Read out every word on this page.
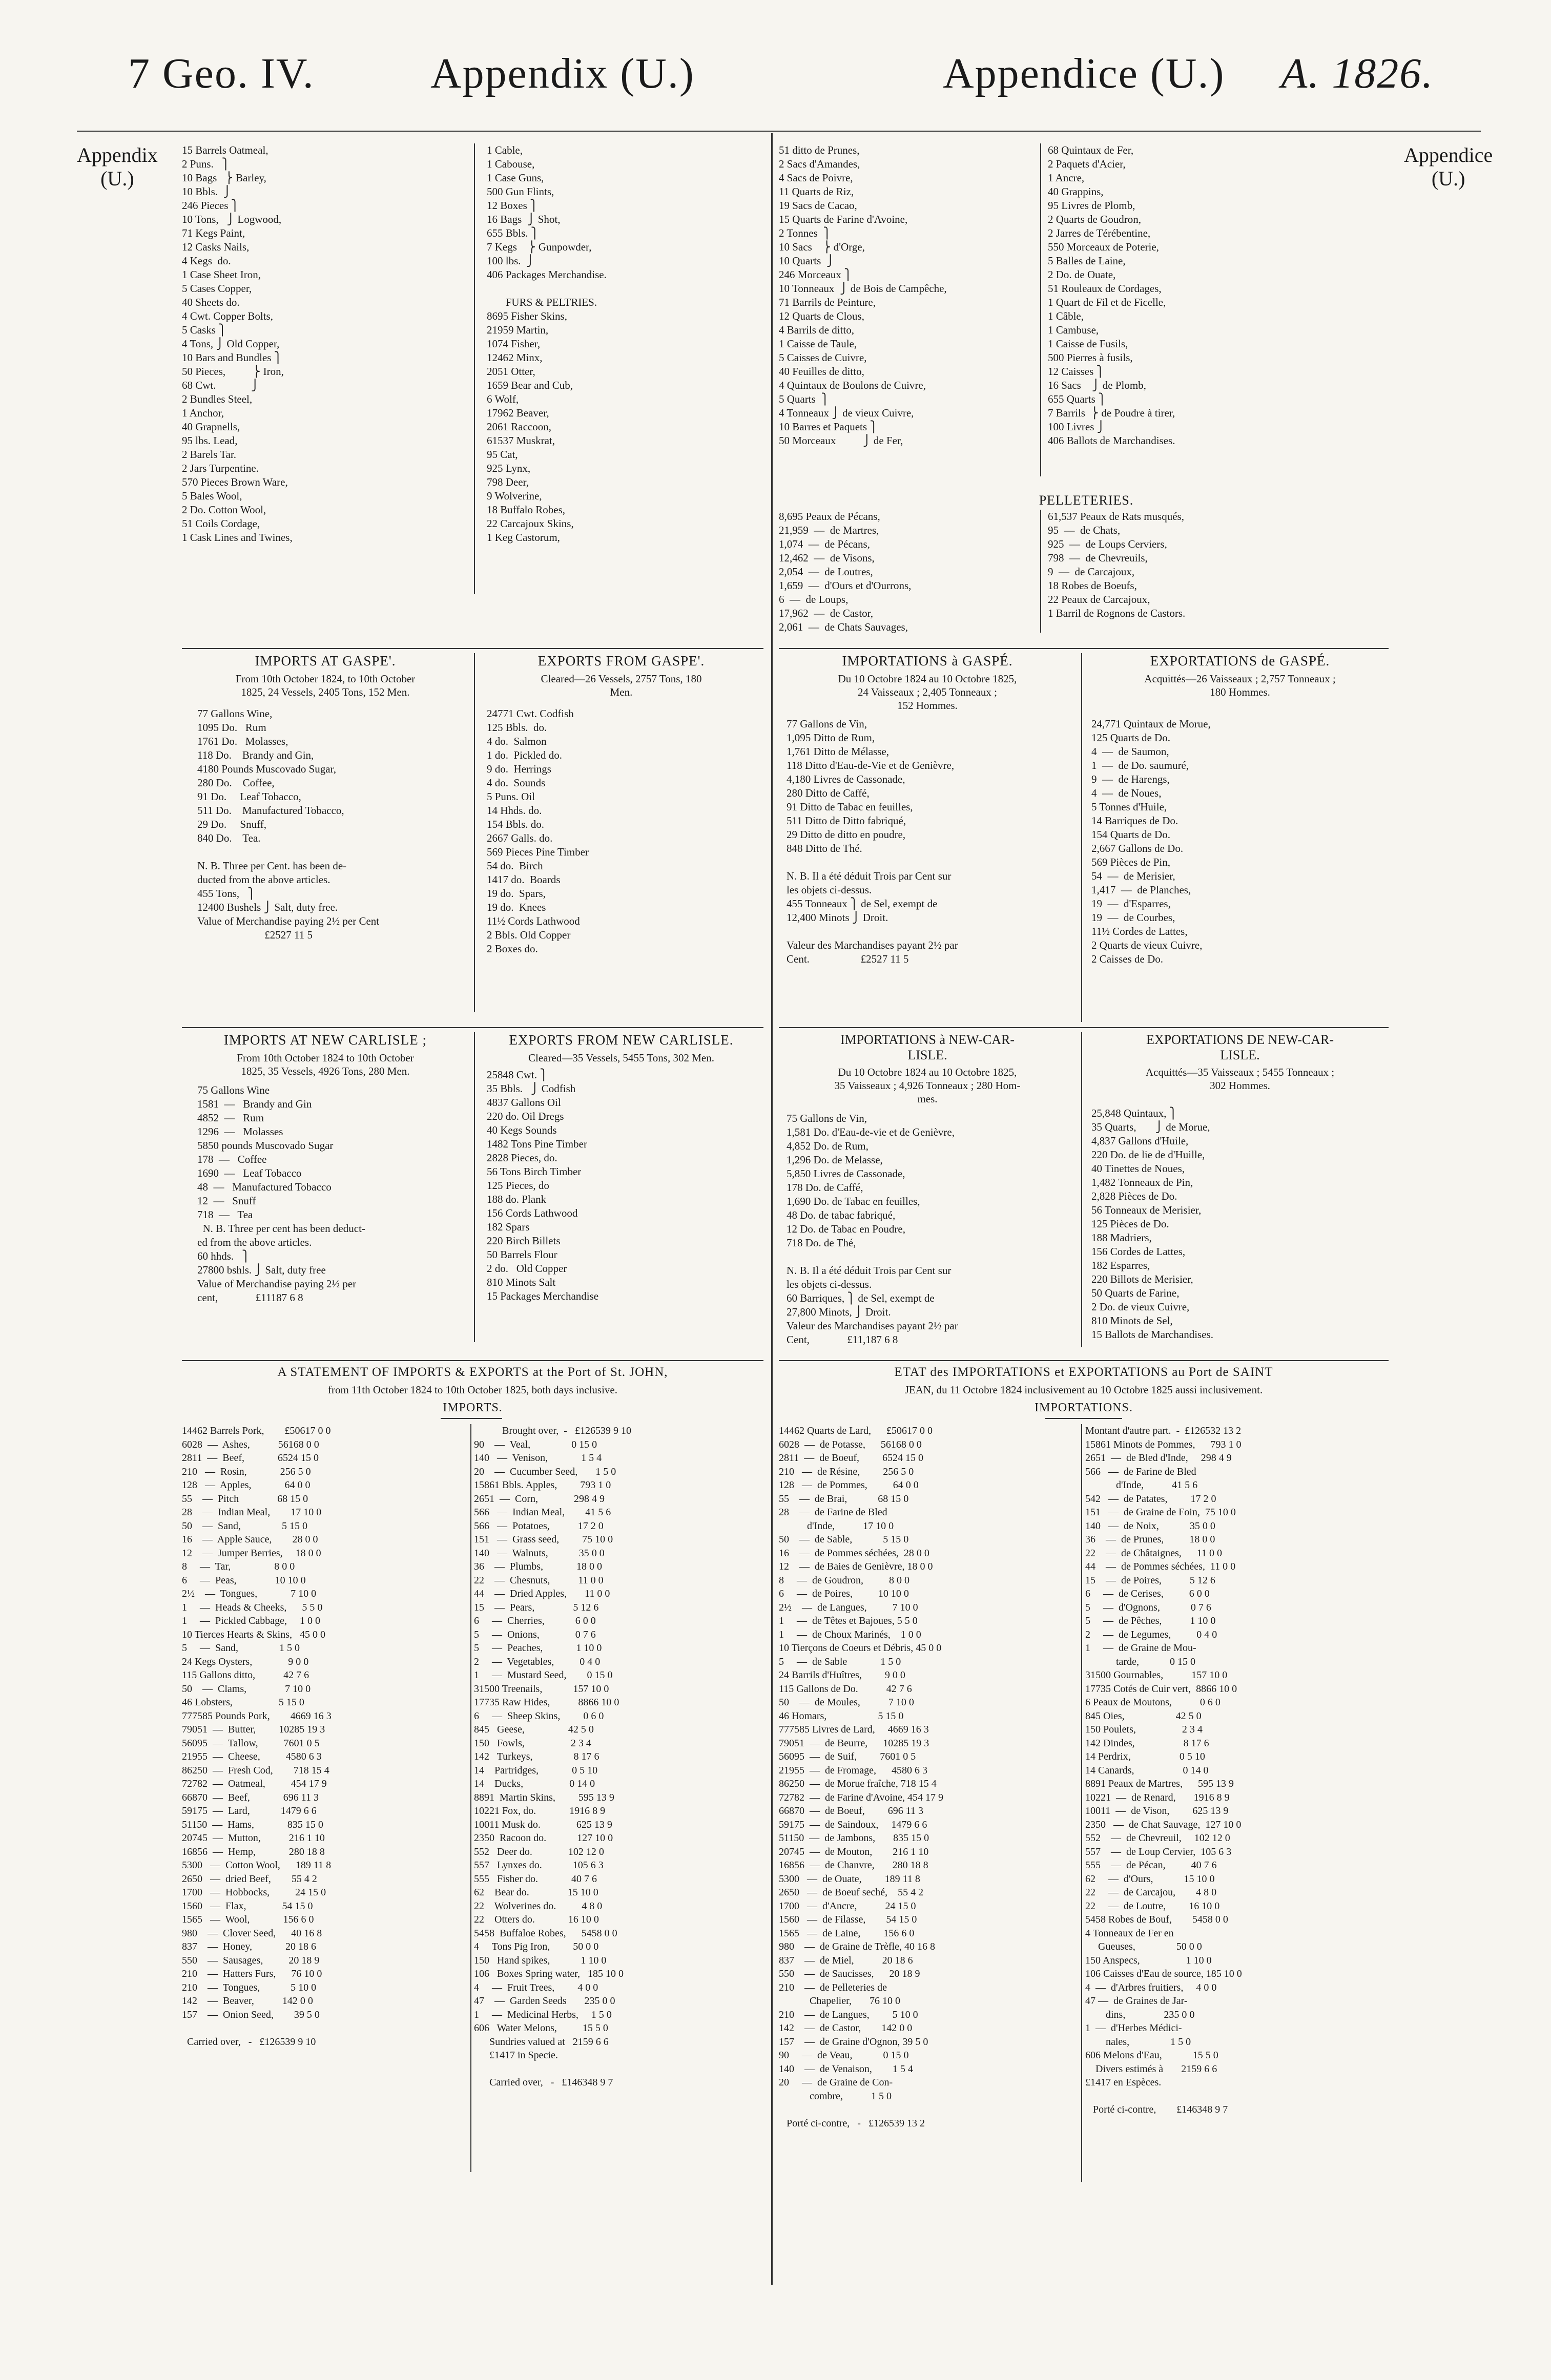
7 Geo. IV.	Appendix (U.)	Appendice (U.) A. 1826.
Appendix
(U.)
Appendice
(U.)
15 Barrels Oatmeal,
2 Puns.   ⎫
10 Bags   ⎬ Barley,
10 Bbls.  ⎭
246 Pieces ⎫
10 Tons,   ⎭ Logwood,
71 Kegs Paint,
12 Casks Nails,
4 Kegs  do.
1 Case Sheet Iron,
5 Cases Copper,
40 Sheets do.
4 Cwt. Copper Bolts,
5 Casks ⎫
4 Tons, ⎭ Old Copper,
10 Bars and Bundles ⎫
50 Pieces,          ⎬ Iron,
68 Cwt.             ⎭
2 Bundles Steel,
1 Anchor,
40 Grapnells,
95 lbs. Lead,
2 Barels Tar.
2 Jars Turpentine.
570 Pieces Brown Ware,
5 Bales Wool,
2 Do. Cotton Wool,
51 Coils Cordage,
1 Cask Lines and Twines,
1 Cable,
1 Cabouse,
1 Case Guns,
500 Gun Flints,
12 Boxes ⎫
16 Bags  ⎭ Shot,
655 Bbls. ⎫
7 Kegs    ⎬ Gunpowder,
100 lbs.  ⎭
406 Packages Merchandise.

FURS & PELTRIES.
8695 Fisher Skins,
21959 Martin,
1074 Fisher,
12462 Minx,
2051 Otter,
1659 Bear and Cub,
6 Wolf,
17962 Beaver,
2061 Raccoon,
61537 Muskrat,
95 Cat,
925 Lynx,
798 Deer,
9 Wolverine,
18 Buffalo Robes,
22 Carcajoux Skins,
1 Keg Castorum,
51 ditto de Prunes,
2 Sacs d'Amandes,
4 Sacs de Poivre,
11 Quarts de Riz,
19 Sacs de Cacao,
15 Quarts de Farine d'Avoine,
2 Tonnes  ⎫
10 Sacs    ⎬ d'Orge,
10 Quarts  ⎭
246 Morceaux ⎫
10 Tonneaux  ⎭ de Bois de Campêche,
71 Barrils de Peinture,
12 Quarts de Clous,
4 Barrils de ditto,
1 Caisse de Taule,
5 Caisses de Cuivre,
40 Feuilles de ditto,
4 Quintaux de Boulons de Cuivre,
5 Quarts  ⎫
4 Tonneaux ⎭ de vieux Cuivre,
10 Barres et Paquets ⎫
50 Morceaux          ⎭ de Fer,
68 Quintaux de Fer,
2 Paquets d'Acier,
1 Ancre,
40 Grappins,
95 Livres de Plomb,
2 Quarts de Goudron,
2 Jarres de Térébentine,
550 Morceaux de Poterie,
5 Balles de Laine,
2 Do. de Ouate,
51 Rouleaux de Cordages,
1 Quart de Fil et de Ficelle,
1 Câble,
1 Cambuse,
1 Caisse de Fusils,
500 Pierres à fusils,
12 Caisses ⎫
16 Sacs    ⎭ de Plomb,
655 Quarts ⎫
7 Barrils  ⎬ de Poudre à tirer,
100 Livres ⎭
406 Ballots de Marchandises.
PELLETERIES.
8,695 Peaux de Pécans,
21,959  —  de Martres,
1,074  —  de Pécans,
12,462  —  de Visons,
2,054  —  de Loutres,
1,659  —  d'Ours et d'Ourrons,
6  —  de Loups,
17,962  —  de Castor,
2,061  —  de Chats Sauvages,
61,537 Peaux de Rats musqués,
95  —  de Chats,
925  —  de Loups Cerviers,
798  —  de Chevreuils,
9  —  de Carcajoux,
18 Robes de Boeufs,
22 Peaux de Carcajoux,
1 Barril de Rognons de Castors.
IMPORTS AT GASPE'.
From 10th October 1824, to 10th October
1825, 24 Vessels, 2405 Tons, 152 Men.
77 Gallons Wine,
1095 Do.   Rum
1761 Do.   Molasses,
118 Do.    Brandy and Gin,
4180 Pounds Muscovado Sugar,
280 Do.    Coffee,
91 Do.     Leaf Tobacco,
511 Do.    Manufactured Tobacco,
29 Do.     Snuff,
840 Do.    Tea.

N. B. Three per Cent. has been de-
ducted from the above articles.
455 Tons,   ⎫
12400 Bushels ⎭ Salt, duty free.
Value of Merchandise paying 2½ per Cent
£2527 11 5
EXPORTS FROM GASPE'.
Cleared—26 Vessels, 2757 Tons, 180
Men.
24771 Cwt. Codfish
125 Bbls.  do.
4 do.  Salmon
1 do.  Pickled do.
9 do.  Herrings
4 do.  Sounds
5 Puns. Oil
14 Hhds. do.
154 Bbls. do.
2667 Galls. do.
569 Pieces Pine Timber
54 do.  Birch
1417 do.  Boards
19 do.  Spars,
19 do.  Knees
11½ Cords Lathwood
2 Bbls. Old Copper
2 Boxes do.
IMPORTATIONS à GASPÉ.
Du 10 Octobre 1824 au 10 Octobre 1825,
24 Vaisseaux ; 2,405 Tonneaux ;
152 Hommes.
77 Gallons de Vin,
1,095 Ditto de Rum,
1,761 Ditto de Mélasse,
118 Ditto d'Eau-de-Vie et de Genièvre,
4,180 Livres de Cassonade,
280 Ditto de Caffé,
91 Ditto de Tabac en feuilles,
511 Ditto de Ditto fabriqué,
29 Ditto de ditto en poudre,
848 Ditto de Thé.

N. B. Il a été déduit Trois par Cent sur
les objets ci-dessus.
455 Tonneaux ⎫ de Sel, exempt de
12,400 Minots ⎭ Droit.

Valeur des Marchandises payant 2½ par
Cent.                   £2527 11 5
EXPORTATIONS de GASPÉ.
Acquittés—26 Vaisseaux ; 2,757 Tonneaux ;
180 Hommes.
24,771 Quintaux de Morue,
125 Quarts de Do.
4  —  de Saumon,
1  —  de Do. saumuré,
9  —  de Harengs,
4  —  de Noues,
5 Tonnes d'Huile,
14 Barriques de Do.
154 Quarts de Do.
2,667 Gallons de Do.
569 Pièces de Pin,
54  —  de Merisier,
1,417  —  de Planches,
19  —  d'Esparres,
19  —  de Courbes,
11½ Cordes de Lattes,
2 Quarts de vieux Cuivre,
2 Caisses de Do.
IMPORTS AT NEW CARLISLE ;
From 10th October 1824 to 10th October
1825, 35 Vessels, 4926 Tons, 280 Men.
75 Gallons Wine
1581  —   Brandy and Gin
4852  —   Rum
1296  —   Molasses
5850 pounds Muscovado Sugar
178  —   Coffee
1690  —   Leaf Tobacco
48  —   Manufactured Tobacco
12  —   Snuff
718  —   Tea
N. B. Three per cent has been deduct-
ed from the above articles.
60 hhds.   ⎫
27800 bshls. ⎭ Salt, duty free
Value of Merchandise paying 2½ per
cent,              £11187 6 8
EXPORTS FROM NEW CARLISLE.
Cleared—35 Vessels, 5455 Tons, 302 Men.
25848 Cwt. ⎫
35 Bbls.   ⎭ Codfish
4837 Gallons Oil
220 do. Oil Dregs
40 Kegs Sounds
1482 Tons Pine Timber
2828 Pieces, do.
56 Tons Birch Timber
125 Pieces, do
188 do. Plank
156 Cords Lathwood
182 Spars
220 Birch Billets
50 Barrels Flour
2 do.   Old Copper
810 Minots Salt
15 Packages Merchandise
IMPORTATIONS à NEW-CAR-
LISLE.
Du 10 Octobre 1824 au 10 Octobre 1825,
35 Vaisseaux ; 4,926 Tonneaux ; 280 Hom-
mes.
75 Gallons de Vin,
1,581 Do. d'Eau-de-vie et de Genièvre,
4,852 Do. de Rum,
1,296 Do. de Melasse,
5,850 Livres de Cassonade,
178 Do. de Caffé,
1,690 Do. de Tabac en feuilles,
48 Do. de tabac fabriqué,
12 Do. de Tabac en Poudre,
718 Do. de Thé,

N. B. Il a été déduit Trois par Cent sur
les objets ci-dessus.
60 Barriques, ⎫ de Sel, exempt de
27,800 Minots, ⎭ Droit.
Valeur des Marchandises payant 2½ par
Cent,              £11,187 6 8
EXPORTATIONS DE NEW-CAR-
LISLE.
Acquittés—35 Vaisseaux ; 5455 Tonneaux ;
302 Hommes.
25,848 Quintaux, ⎫
35 Quarts,       ⎭ de Morue,
4,837 Gallons d'Huile,
220 Do. de lie de d'Huille,
40 Tinettes de Noues,
1,482 Tonneaux de Pin,
2,828 Pièces de Do.
56 Tonneaux de Merisier,
125 Pièces de Do.
188 Madriers,
156 Cordes de Lattes,
182 Esparres,
220 Billots de Merisier,
50 Quarts de Farine,
2 Do. de vieux Cuivre,
810 Minots de Sel,
15 Ballots de Marchandises.
A STATEMENT OF IMPORTS & EXPORTS at the Port of St. JOHN,
from 11th October 1824 to 10th October 1825, both days inclusive.
IMPORTS.
14462 Barrels Pork,        £50617 0 0
6028  —  Ashes,           56168 0 0
2811  —  Beef,             6524 15 0
210   —  Rosin,             256 5 0
128   —  Apples,             64 0 0
55    —  Pitch               68 15 0
28    —  Indian Meal,        17 10 0
50    —  Sand,                5 15 0
16    —  Apple Sauce,        28 0 0
12    —  Jumper Berries,     18 0 0
8     —  Tar,                 8 0 0
6     —  Peas,               10 10 0
2½    —  Tongues,             7 10 0
1     —  Heads & Cheeks,      5 5 0
1     —  Pickled Cabbage,     1 0 0
10 Tierces Hearts & Skins,   45 0 0
5     —  Sand,                1 5 0
24 Kegs Oysters,              9 0 0
115 Gallons ditto,           42 7 6
50    —  Clams,               7 10 0
46 Lobsters,                  5 15 0
777585 Pounds Pork,        4669 16 3
79051  —  Butter,         10285 19 3
56095  —  Tallow,          7601 0 5
21955  —  Cheese,          4580 6 3
86250  —  Fresh Cod,        718 15 4
72782  —  Oatmeal,          454 17 9
66870  —  Beef,             696 11 3
59175  —  Lard,            1479 6 6
51150  —  Hams,             835 15 0
20745  —  Mutton,           216 1 10
16856  —  Hemp,             280 18 8
5300   —  Cotton Wool,      189 11 8
2650   —  dried Beef,        55 4 2
1700   —  Hobbocks,          24 15 0
1560   —  Flax,              54 15 0
1565   —  Wool,             156 6 0
980    —  Clover Seed,      40 16 8
837    —  Honey,             20 18 6
550    —  Sausages,          20 18 9
210    —  Hatters Furs,      76 10 0
210    —  Tongues,            5 10 0
142    —  Beaver,           142 0 0
157    —  Onion Seed,        39 5 0

Carried over,   -   £126539 9 10
Brought over,  -   £126539 9 10
90    —  Veal,                0 15 0
140   —  Venison,             1 5 4
20    —  Cucumber Seed,       1 5 0
15861 Bbls. Apples,         793 1 0
2651  —  Corn,              298 4 9
566   —  Indian Meal,        41 5 6
566   —  Potatoes,           17 2 0
151   —  Grass seed,         75 10 0
140   —  Walnuts,            35 0 0
36    —  Plumbs,             18 0 0
22    —  Chesnuts,           11 0 0
44    —  Dried Apples,       11 0 0
15    —  Pears,               5 12 6
6     —  Cherries,            6 0 0
5     —  Onions,              0 7 6
5     —  Peaches,             1 10 0
2     —  Vegetables,          0 4 0
1     —  Mustard Seed,        0 15 0
31500 Treenails,            157 10 0
17735 Raw Hides,           8866 10 0
6     —  Sheep Skins,         0 6 0
845   Geese,                 42 5 0
150   Fowls,                  2 3 4
142   Turkeys,                8 17 6
14    Partridges,             0 5 10
14    Ducks,                  0 14 0
8891  Martin Skins,         595 13 9
10221 Fox, do.             1916 8 9
10011 Musk do.              625 13 9
2350  Racoon do.            127 10 0
552   Deer do.              102 12 0
557   Lynxes do.            105 6 3
555   Fisher do.             40 7 6
62    Bear do.               15 10 0
22    Wolverines do.          4 8 0
22    Otters do.             16 10 0
5458  Buffaloe Robes,      5458 0 0
4     Tons Pig Iron,         50 0 0
150   Hand spikes,            1 10 0
106   Boxes Spring water,   185 10 0
4     —  Fruit Trees,         4 0 0
47    —  Garden Seeds       235 0 0
1     —  Medicinal Herbs,     1 5 0
606   Water Melons,          15 5 0
Sundries valued at   2159 6 6
£1417 in Specie.

Carried over,   -   £146348 9 7
ETAT des IMPORTATIONS et EXPORTATIONS au Port de SAINT
JEAN, du 11 Octobre 1824 inclusivement au 10 Octobre 1825 aussi inclusivement.
IMPORTATIONS.
14462 Quarts de Lard,      £50617 0 0
6028  —  de Potasse,      56168 0 0
2811  —  de Boeuf,         6524 15 0
210   —  de Résine,         256 5 0
128   —  de Pommes,          64 0 0
55    —  de Brai,            68 15 0
28    —  de Farine de Bled
d'Inde,           17 10 0
50    —  de Sable,            5 15 0
16    —  de Pommes séchées,  28 0 0
12    —  de Baies de Genièvre, 18 0 0
8     —  de Goudron,          8 0 0
6     —  de Poires,          10 10 0
2½    —  de Langues,          7 10 0
1     —  de Têtes et Bajoues, 5 5 0
1     —  de Choux Marinés,    1 0 0
10 Tierçons de Coeurs et Débris, 45 0 0
5     —  de Sable             1 5 0
24 Barrils d'Huîtres,         9 0 0
115 Gallons de Do.           42 7 6
50    —  de Moules,           7 10 0
46 Homars,                    5 15 0
777585 Livres de Lard,     4669 16 3
79051  —  de Beurre,      10285 19 3
56095  —  de Suif,         7601 0 5
21955  —  de Fromage,      4580 6 3
86250  —  de Morue fraîche, 718 15 4
72782  —  de Farine d'Avoine, 454 17 9
66870  —  de Boeuf,         696 11 3
59175  —  de Saindoux,     1479 6 6
51150  —  de Jambons,       835 15 0
20745  —  de Mouton,        216 1 10
16856  —  de Chanvre,       280 18 8
5300   —  de Ouate,         189 11 8
2650   —  de Boeuf seché,    55 4 2
1700   —  d'Ancre,           24 15 0
1560   —  de Filasse,        54 15 0
1565   —  de Laine,         156 6 0
980    —  de Graine de Trèfle, 40 16 8
837    —  de Miel,           20 18 6
550    —  de Saucisses,      20 18 9
210    —  de Pelleteries de
Chapelier,       76 10 0
210    —  de Langues,         5 10 0
142    —  de Castor,        142 0 0
157    —  de Graine d'Ognon, 39 5 0
90     —  de Veau,            0 15 0
140    —  de Venaison,        1 5 4
20     —  de Graine de Con-
combre,           1 5 0

Porté ci-contre,   -   £126539 13 2
Montant d'autre part.  -  £126532 13 2
15861 Minots de Pommes,      793 1 0
2651  —  de Bled d'Inde,     298 4 9
566   —  de Farine de Bled
d'Inde,           41 5 6
542   —  de Patates,         17 2 0
151   —  de Graine de Foin,  75 10 0
140   —  de Noix,            35 0 0
36    —  de Prunes,          18 0 0
22    —  de Châtaignes,      11 0 0
44    —  de Pommes séchées,  11 0 0
15    —  de Poires,           5 12 6
6     —  de Cerises,          6 0 0
5     —  d'Ognons,            0 7 6
5     —  de Pêches,           1 10 0
2     —  de Legumes,          0 4 0
1     —  de Graine de Mou-
tarde,            0 15 0
31500 Gournables,           157 10 0
17735 Cotés de Cuir vert,  8866 10 0
6 Peaux de Moutons,           0 6 0
845 Oies,                    42 5 0
150 Poulets,                  2 3 4
142 Dindes,                   8 17 6
14 Perdrix,                   0 5 10
14 Canards,                   0 14 0
8891 Peaux de Martres,      595 13 9
10221  —  de Renard,       1916 8 9
10011  —  de Vison,         625 13 9
2350   —  de Chat Sauvage,  127 10 0
552    —  de Chevreuil,     102 12 0
557    —  de Loup Cervier,  105 6 3
555    —  de Pécan,          40 7 6
62     —  d'Ours,            15 10 0
22     —  de Carcajou,        4 8 0
22     —  de Loutre,         16 10 0
5458 Robes de Bouf,        5458 0 0
4 Tonneaux de Fer en
Gueuses,                50 0 0
150 Anspecs,                  1 10 0
106 Caisses d'Eau de source, 185 10 0
4  —  d'Arbres fruitiers,     4 0 0
47 —  de Graines de Jar-
dins,               235 0 0
1  —  d'Herbes Médici-
nales,                1 5 0
606 Melons d'Eau,            15 5 0
Divers estimés à       2159 6 6
£1417 en Espèces.

Porté ci-contre,        £146348 9 7
